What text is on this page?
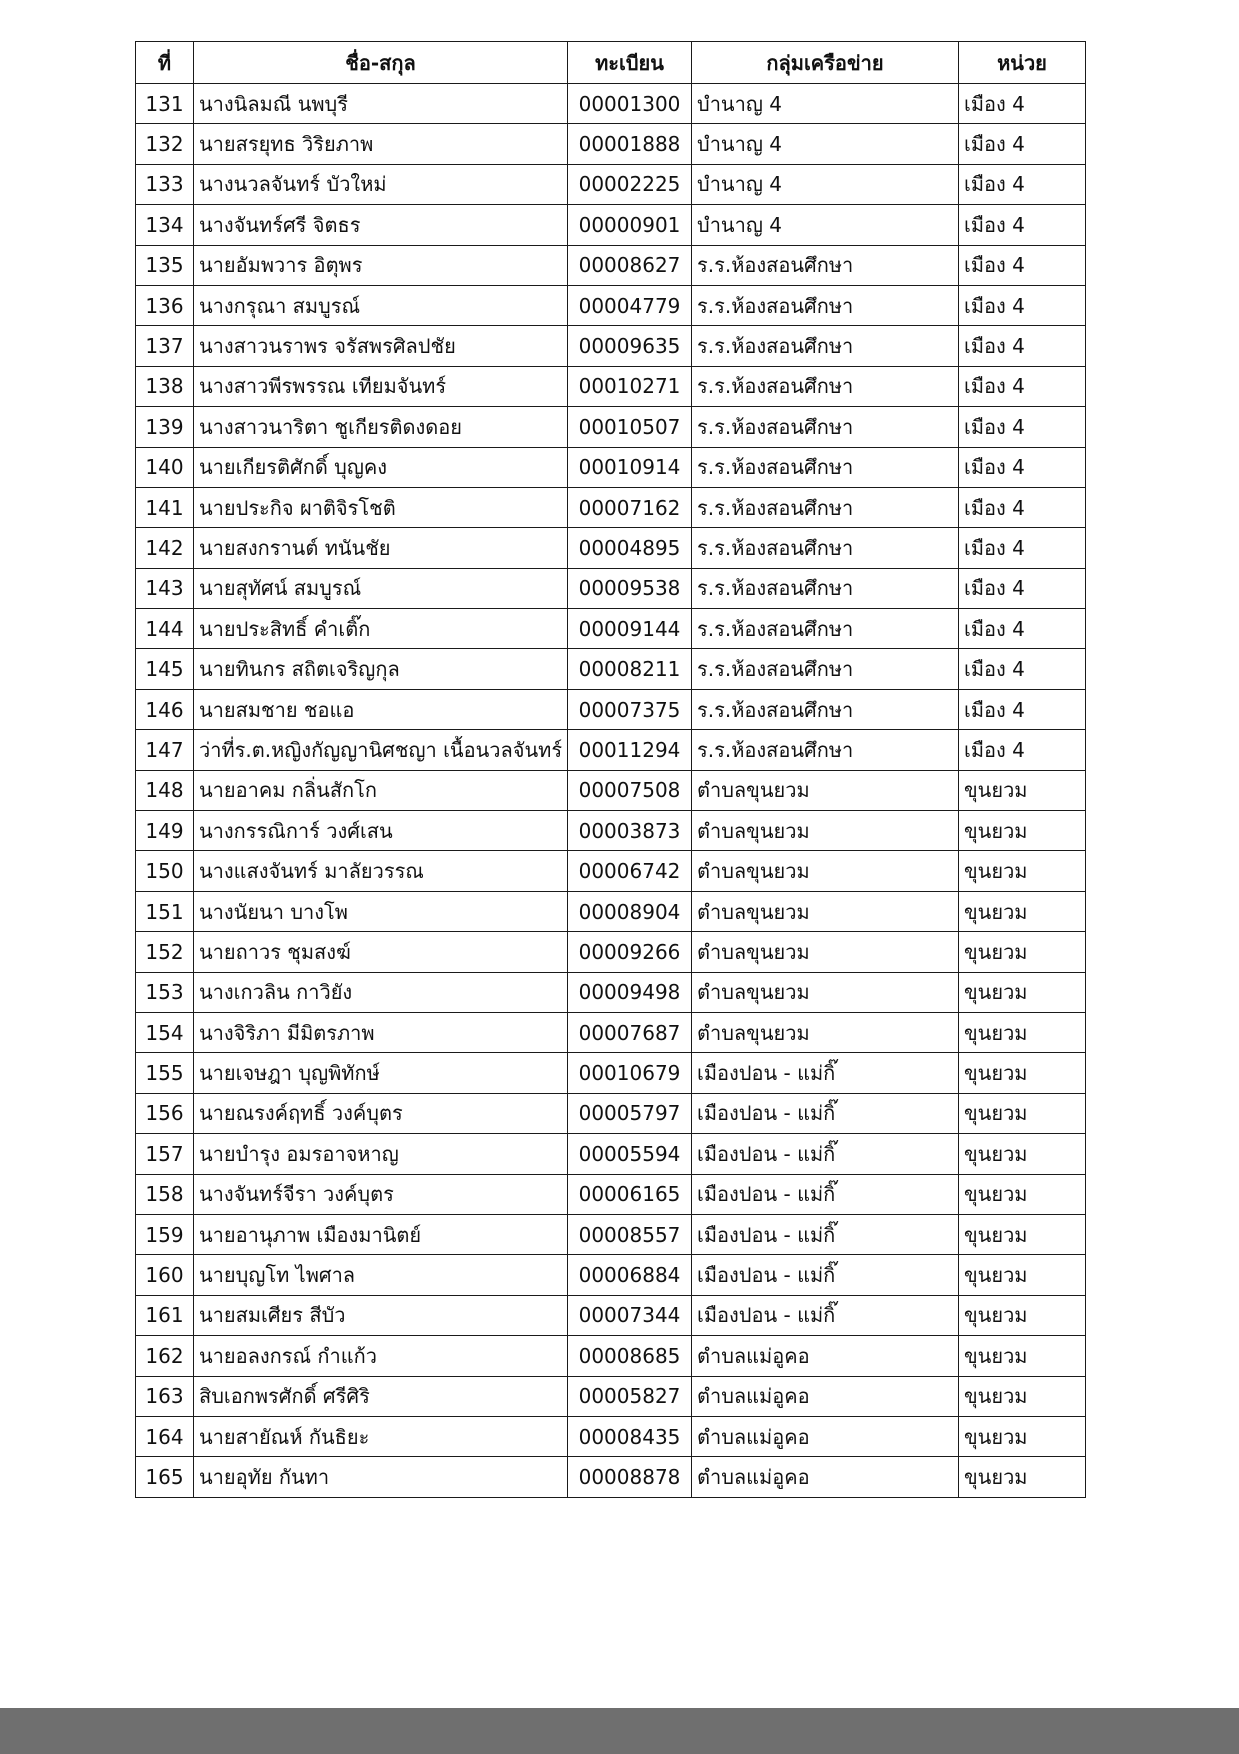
ที่	ชื่อ-สกุล	ทะเบียน	กลุ่มเครือข่าย	หน่วย
131	นางนิลมณี นพบุรี	00001300	บำนาญ 4	เมือง 4
132	นายสรยุทธ วิริยภาพ	00001888	บำนาญ 4	เมือง 4
133	นางนวลจันทร์ บัวใหม่	00002225	บำนาญ 4	เมือง 4
134	นางจันทร์ศรี จิตธร	00000901	บำนาญ 4	เมือง 4
135	นายอัมพวาร อิตุพร	00008627	ร.ร.ห้องสอนศึกษา	เมือง 4
136	นางกรุณา สมบูรณ์	00004779	ร.ร.ห้องสอนศึกษา	เมือง 4
137	นางสาวนราพร จรัสพรศิลปชัย	00009635	ร.ร.ห้องสอนศึกษา	เมือง 4
138	นางสาวพีรพรรณ เทียมจันทร์	00010271	ร.ร.ห้องสอนศึกษา	เมือง 4
139	นางสาวนาริตา ชูเกียรติดงดอย	00010507	ร.ร.ห้องสอนศึกษา	เมือง 4
140	นายเกียรติศักดิ์ บุญคง	00010914	ร.ร.ห้องสอนศึกษา	เมือง 4
141	นายประกิจ ผาติจิรโชติ	00007162	ร.ร.ห้องสอนศึกษา	เมือง 4
142	นายสงกรานต์ ทนันชัย	00004895	ร.ร.ห้องสอนศึกษา	เมือง 4
143	นายสุทัศน์ สมบูรณ์	00009538	ร.ร.ห้องสอนศึกษา	เมือง 4
144	นายประสิทธิ์ คำเติ๊ก	00009144	ร.ร.ห้องสอนศึกษา	เมือง 4
145	นายทินกร สถิตเจริญกุล	00008211	ร.ร.ห้องสอนศึกษา	เมือง 4
146	นายสมชาย ชอแอ	00007375	ร.ร.ห้องสอนศึกษา	เมือง 4
147	ว่าที่ร.ต.หญิงกัญญานิศชญา เนื้อนวลจันทร์	00011294	ร.ร.ห้องสอนศึกษา	เมือง 4
148	นายอาคม กลิ่นสักโก	00007508	ตำบลขุนยวม	ขุนยวม
149	นางกรรณิการ์ วงศ์เสน	00003873	ตำบลขุนยวม	ขุนยวม
150	นางแสงจันทร์ มาลัยวรรณ	00006742	ตำบลขุนยวม	ขุนยวม
151	นางนัยนา บางโพ	00008904	ตำบลขุนยวม	ขุนยวม
152	นายถาวร ชุมสงฆ์	00009266	ตำบลขุนยวม	ขุนยวม
153	นางเกวลิน กาวิยัง	00009498	ตำบลขุนยวม	ขุนยวม
154	นางจิริภา มีมิตรภาพ	00007687	ตำบลขุนยวม	ขุนยวม
155	นายเจษฎา บุญพิทักษ์	00010679	เมืองปอน - แม่กิ๊	ขุนยวม
156	นายณรงค์ฤทธิ์ วงค์บุตร	00005797	เมืองปอน - แม่กิ๊	ขุนยวม
157	นายบำรุง อมรอาจหาญ	00005594	เมืองปอน - แม่กิ๊	ขุนยวม
158	นางจันทร์จีรา วงค์บุตร	00006165	เมืองปอน - แม่กิ๊	ขุนยวม
159	นายอานุภาพ เมืองมานิตย์	00008557	เมืองปอน - แม่กิ๊	ขุนยวม
160	นายบุญโท ไพศาล	00006884	เมืองปอน - แม่กิ๊	ขุนยวม
161	นายสมเศียร สีบัว	00007344	เมืองปอน - แม่กิ๊	ขุนยวม
162	นายอลงกรณ์ กำแก้ว	00008685	ตำบลแม่อูคอ	ขุนยวม
163	สิบเอกพรศักดิ์ ศรีศิริ	00005827	ตำบลแม่อูคอ	ขุนยวม
164	นายสายัณห์ กันธิยะ	00008435	ตำบลแม่อูคอ	ขุนยวม
165	นายอุทัย กันทา	00008878	ตำบลแม่อูคอ	ขุนยวม
